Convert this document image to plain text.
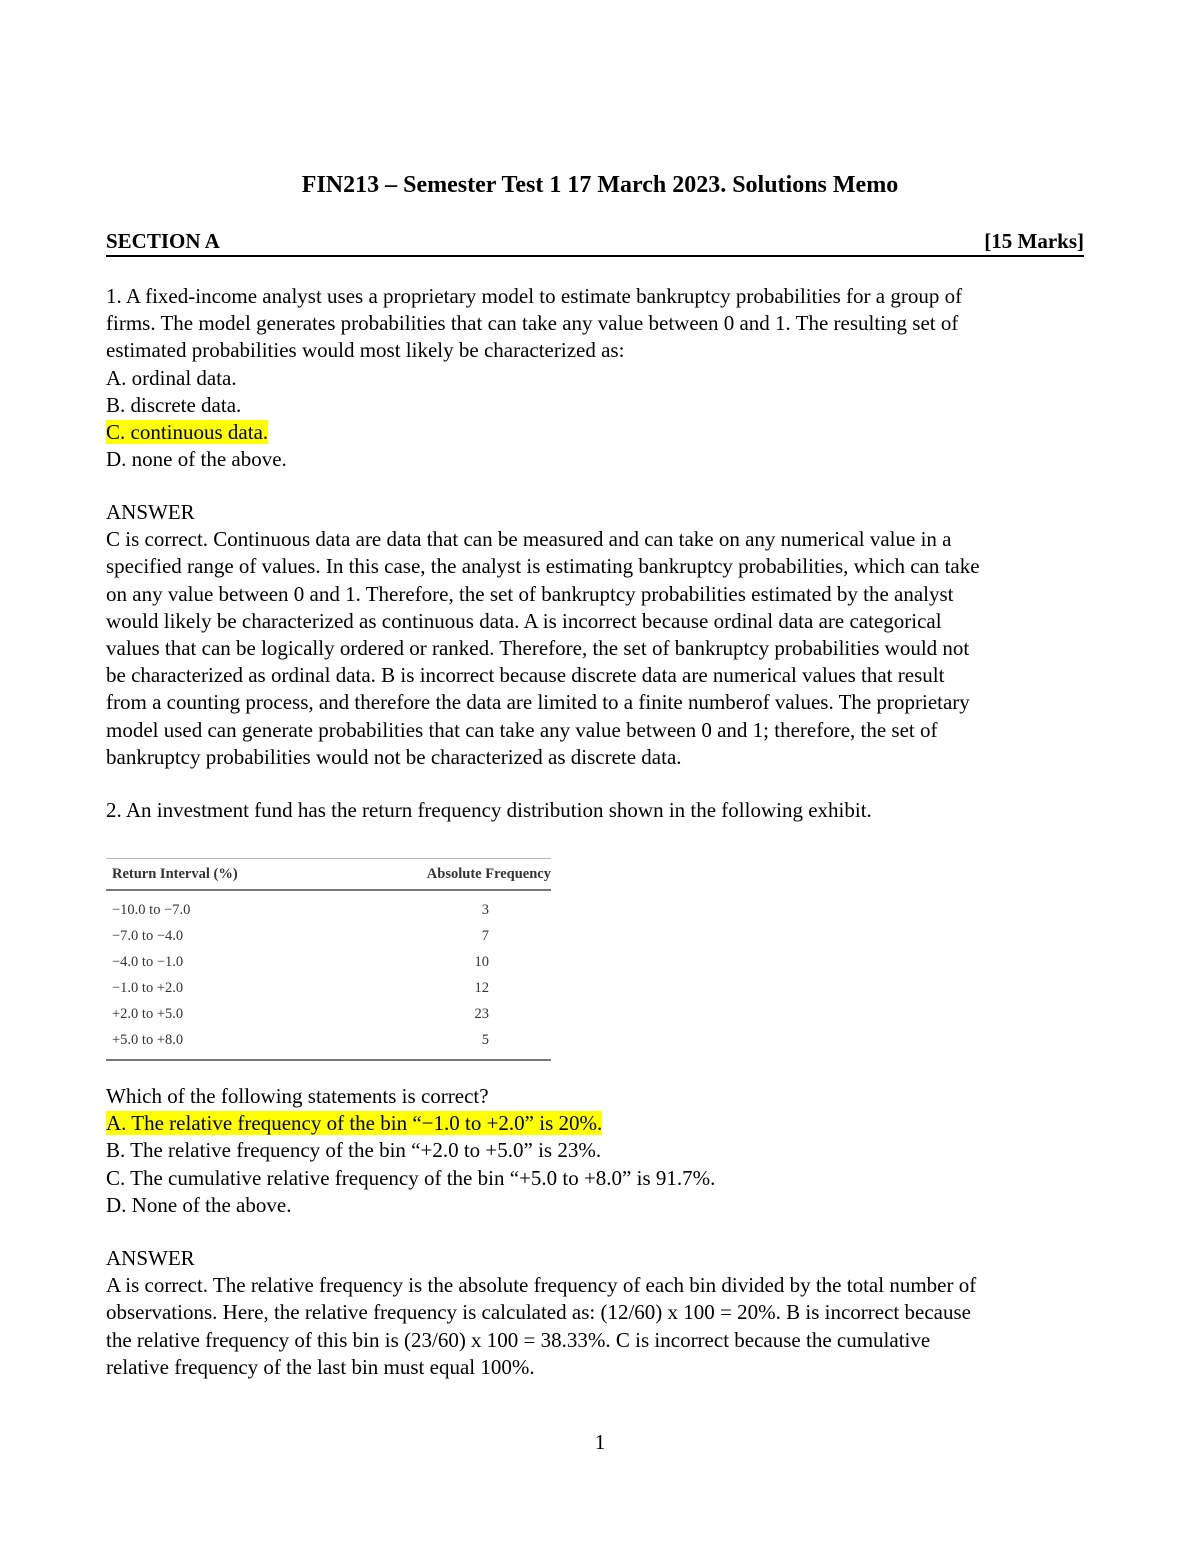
FIN213 – Semester Test 1 17 March 2023. Solutions Memo
SECTION A	[15 Marks]
1. A fixed-income analyst uses a proprietary model to estimate bankruptcy probabilities for a group of
firms. The model generates probabilities that can take any value between 0 and 1. The resulting set of
estimated probabilities would most likely be characterized as:
A. ordinal data.
B. discrete data.
C. continuous data.
D. none of the above.
ANSWER
C is correct. Continuous data are data that can be measured and can take on any numerical value in a
specified range of values. In this case, the analyst is estimating bankruptcy probabilities, which can take
on any value between 0 and 1. Therefore, the set of bankruptcy probabilities estimated by the analyst
would likely be characterized as continuous data. A is incorrect because ordinal data are categorical
values that can be logically ordered or ranked. Therefore, the set of bankruptcy probabilities would not
be characterized as ordinal data. B is incorrect because discrete data are numerical values that result
from a counting process, and therefore the data are limited to a finite numberof values. The proprietary
model used can generate probabilities that can take any value between 0 and 1; therefore, the set of
bankruptcy probabilities would not be characterized as discrete data.
2. An investment fund has the return frequency distribution shown in the following exhibit.
Return Interval (%)	Absolute Frequency
−10.0 to −7.0	3
−7.0 to −4.0	7
−4.0 to −1.0	10
−1.0 to +2.0	12
+2.0 to +5.0	23
+5.0 to +8.0	5
Which of the following statements is correct?
A. The relative frequency of the bin “−1.0 to +2.0” is 20%.
B. The relative frequency of the bin “+2.0 to +5.0” is 23%.
C. The cumulative relative frequency of the bin “+5.0 to +8.0” is 91.7%.
D. None of the above.
ANSWER
A is correct. The relative frequency is the absolute frequency of each bin divided by the total number of
observations. Here, the relative frequency is calculated as: (12/60) x 100 = 20%. B is incorrect because
the relative frequency of this bin is (23/60) x 100 = 38.33%. C is incorrect because the cumulative
relative frequency of the last bin must equal 100%.
1
